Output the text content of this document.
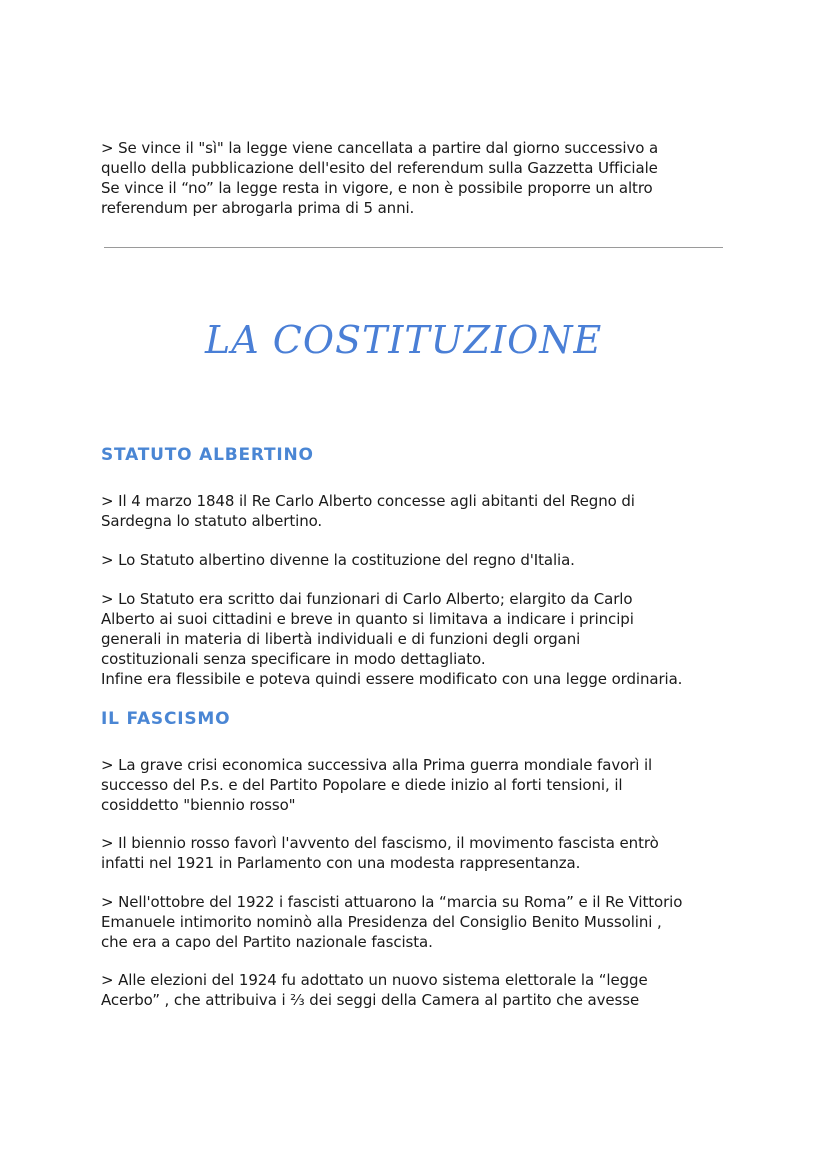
> Se vince il "sì" la legge viene cancellata a partire dal giorno successivo a
quello della pubblicazione dell'esito del referendum sulla Gazzetta Ufficiale
Se vince il “no” la legge resta in vigore, e non è possibile proporre un altro
referendum per abrogarla prima di 5 anni.

LA COSTITUZIONE
STATUTO ALBERTINO

> Il 4 marzo 1848 il Re Carlo Alberto concesse agli abitanti del Regno di
Sardegna lo statuto albertino.

> Lo Statuto albertino divenne la costituzione del regno d'Italia.

> Lo Statuto era scritto dai funzionari di Carlo Alberto; elargito da Carlo
Alberto ai suoi cittadini e breve in quanto si limitava a indicare i principi
generali in materia di libertà individuali e di funzioni degli organi
costituzionali senza specificare in modo dettagliato.
Infine era flessibile e poteva quindi essere modificato con una legge ordinaria.

IL FASCISMO

> La grave crisi economica successiva alla Prima guerra mondiale favorì il
successo del P.s. e del Partito Popolare e diede inizio al forti tensioni, il
cosiddetto "biennio rosso"

> Il biennio rosso favorì l'avvento del fascismo, il movimento fascista entrò
infatti nel 1921 in Parlamento con una modesta rappresentanza.

> Nell'ottobre del 1922 i fascisti attuarono la “marcia su Roma” e il Re Vittorio
Emanuele intimorito nominò alla Presidenza del Consiglio Benito Mussolini ,
che era a capo del Partito nazionale fascista.

> Alle elezioni del 1924 fu adottato un nuovo sistema elettorale la “legge
Acerbo” , che attribuiva i ⅔ dei seggi della Camera al partito che avesse
